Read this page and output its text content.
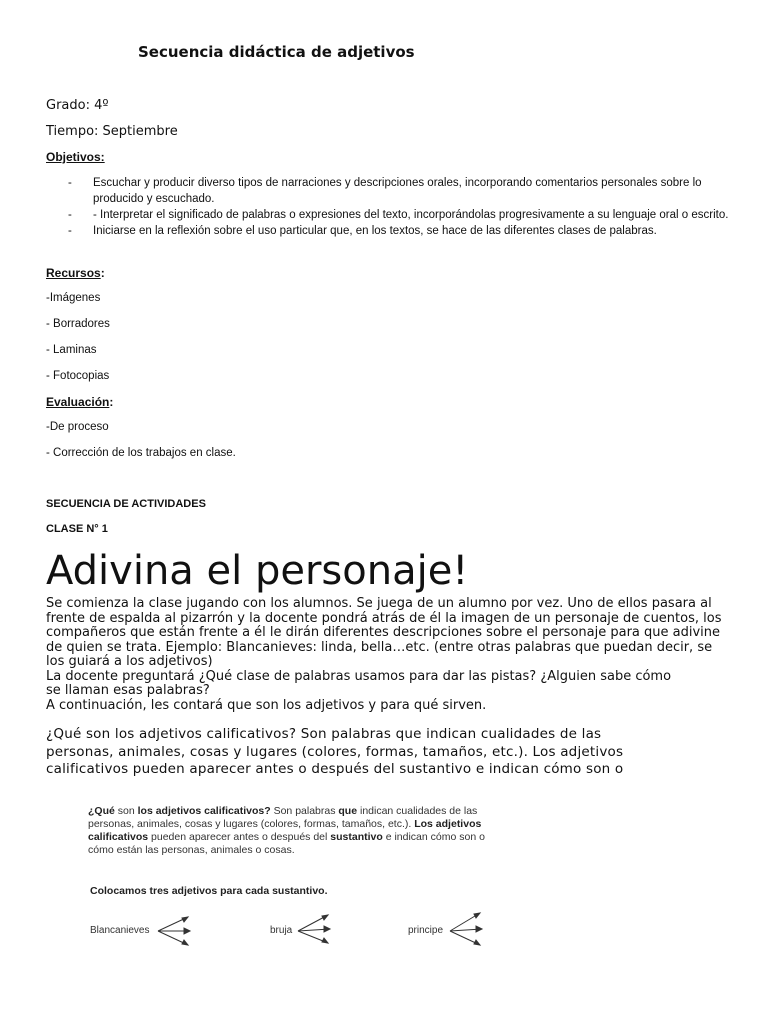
Secuencia didáctica de adjetivos

Grado: 4º

Tiempo: Septiembre

Objetivos:

- Escuchar y producir diverso tipos de narraciones y descripciones orales, incorporando comentarios personales sobre lo producido y escuchado.
- - Interpretar el significado de palabras o expresiones del texto, incorporándolas progresivamente a su lenguaje oral o escrito.
- Iniciarse en la reflexión sobre el uso particular que, en los textos, se hace de las diferentes clases de palabras.

Recursos:

-Imágenes

- Borradores

- Laminas

- Fotocopias

Evaluación:

-De proceso

- Corrección de los trabajos en clase.

SECUENCIA DE ACTIVIDADES

CLASE N° 1

Adivina el personaje!
Se comienza la clase jugando con los alumnos. Se juega de un alumno por vez. Uno de ellos pasara al
frente de espalda al pizarrón y la docente pondrá atrás de él la imagen de un personaje de cuentos, los
compañeros que están frente a él le dirán diferentes descripciones sobre el personaje para que adivine
de quien se trata. Ejemplo: Blancanieves: linda, bella…etc. (entre otras palabras que puedan decir, se
los guiará a los adjetivos)
La docente preguntará ¿Qué clase de palabras usamos para dar las pistas? ¿Alguien sabe cómo
se llaman esas palabras?
A continuación, les contará que son los adjetivos y para qué sirven.
¿Qué son los adjetivos calificativos? Son palabras que indican cualidades de las
personas, animales, cosas y lugares (colores, formas, tamaños, etc.). Los adjetivos
calificativos pueden aparecer antes o después del sustantivo e indican cómo son o

¿Qué son los adjetivos calificativos? Son palabras que indican cualidades de las
personas, animales, cosas y lugares (colores, formas, tamaños, etc.). Los adjetivos
calificativos pueden aparecer antes o después del sustantivo e indican cómo son o
cómo están las personas, animales o cosas.

Colocamos tres adjetivos para cada sustantivo.
Blancanieves	bruja	principe
